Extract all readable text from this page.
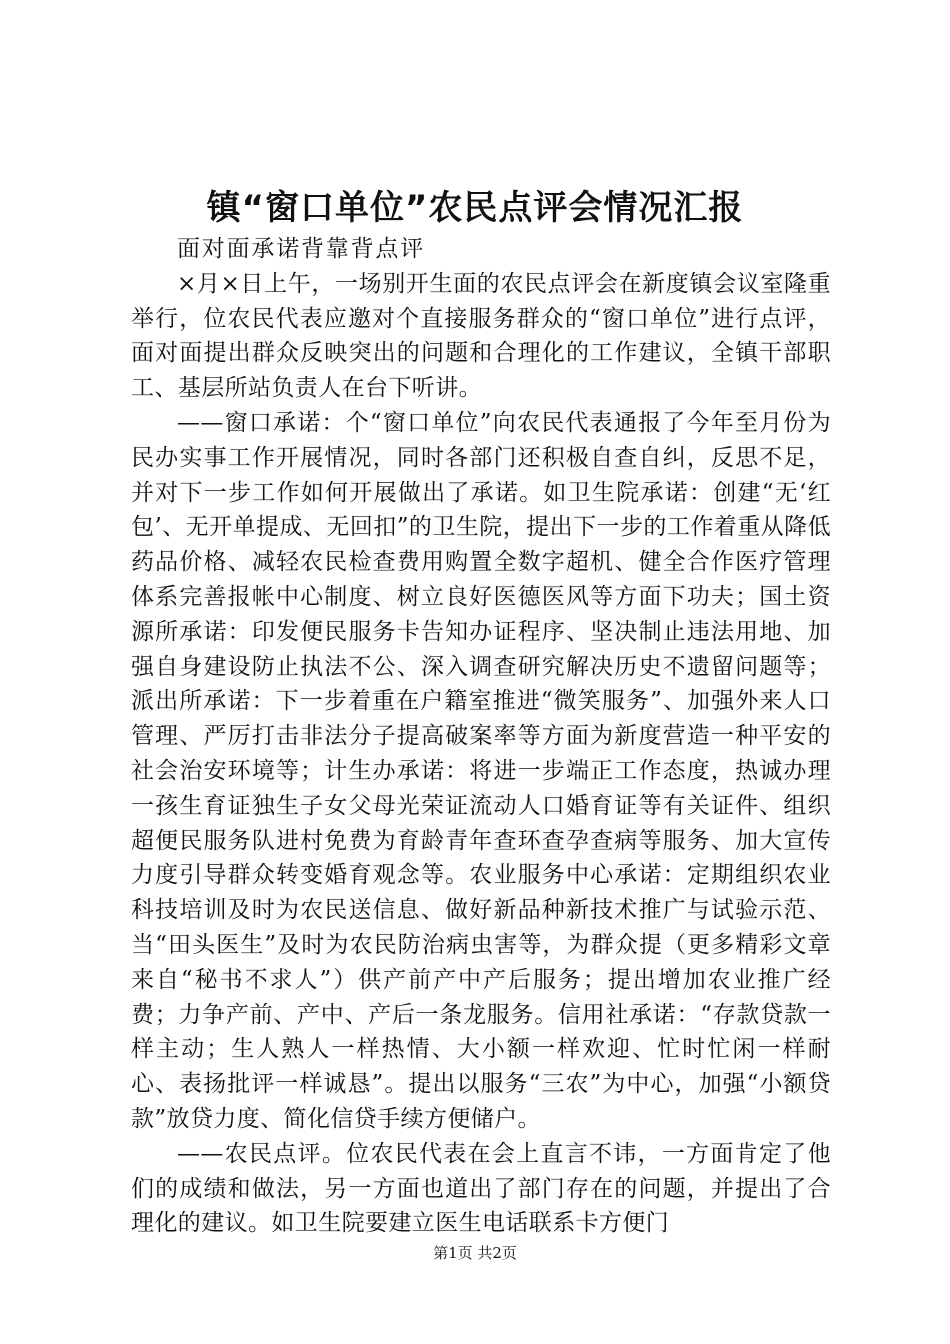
镇“窗口单位”农民点评会情况汇报

面对面承诺背靠背点评

×月×日上午，一场别开生面的农民点评会在新度镇会议室隆重举行，位农民代表应邀对个直接服务群众的“窗口单位”进行点评，面对面提出群众反映突出的问题和合理化的工作建议，全镇干部职工、基层所站负责人在台下听讲。

——窗口承诺：个“窗口单位”向农民代表通报了今年至月份为民办实事工作开展情况，同时各部门还积极自查自纠，反思不足，并对下一步工作如何开展做出了承诺。如卫生院承诺：创建“无‘红包’、无开单提成、无回扣”的卫生院，提出下一步的工作着重从降低药品价格、减轻农民检查费用购置全数字超机、健全合作医疗管理体系完善报帐中心制度、树立良好医德医风等方面下功夫；国土资源所承诺：印发便民服务卡告知办证程序、坚决制止违法用地、加强自身建设防止执法不公、深入调查研究解决历史不遗留问题等；派出所承诺：下一步着重在户籍室推进“微笑服务”、加强外来人口管理、严厉打击非法分子提高破案率等方面为新度营造一种平安的社会治安环境等；计生办承诺：将进一步端正工作态度，热诚办理一孩生育证独生子女父母光荣证流动人口婚育证等有关证件、组织超便民服务队进村免费为育龄青年查环查孕查病等服务、加大宣传力度引导群众转变婚育观念等。农业服务中心承诺：定期组织农业科技培训及时为农民送信息、做好新品种新技术推广与试验示范、当“田头医生”及时为农民防治病虫害等，为群众提（更多精彩文章来自“秘书不求人”）供产前产中产后服务；提出增加农业推广经费；力争产前、产中、产后一条龙服务。信用社承诺：“存款贷款一样主动；生人熟人一样热情、大小额一样欢迎、忙时忙闲一样耐心、表扬批评一样诚恳”。提出以服务“三农”为中心，加强“小额贷款”放贷力度、简化信贷手续方便储户。

——农民点评。位农民代表在会上直言不讳，一方面肯定了他们的成绩和做法，另一方面也道出了部门存在的问题，并提出了合理化的建议。如卫生院要建立医生电话联系卡方便门

第1页 共2页
